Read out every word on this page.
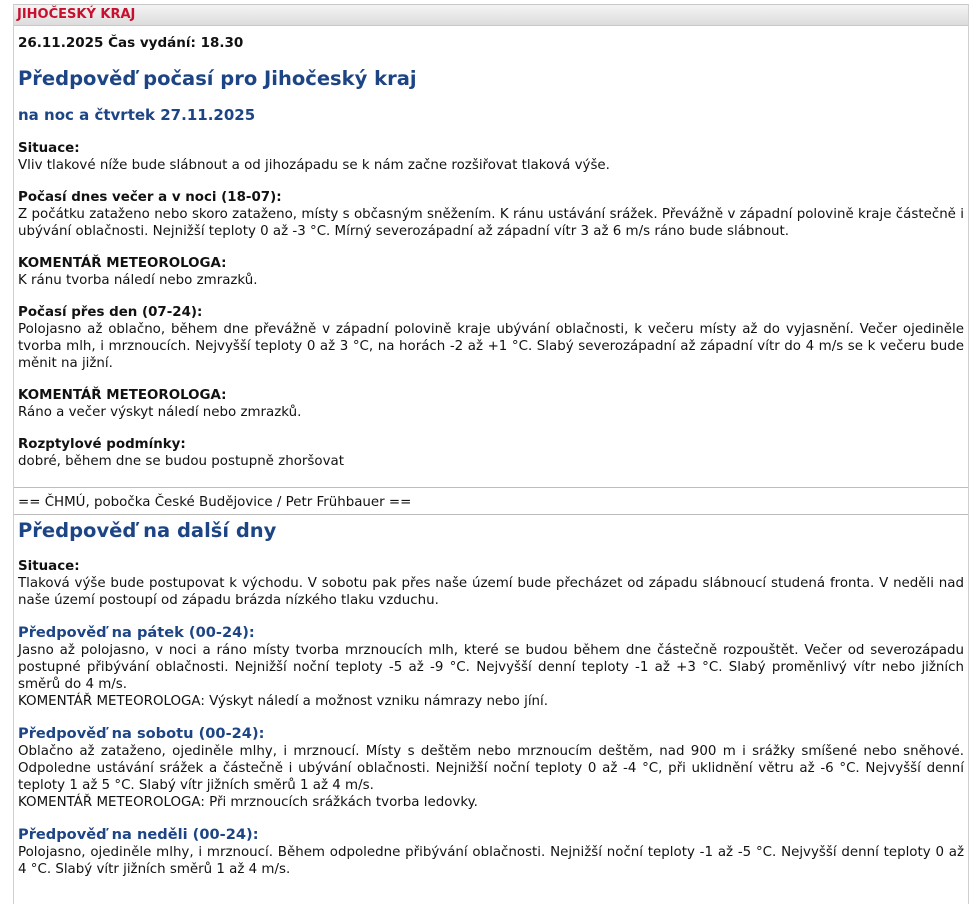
JIHOČESKÝ KRAJ
26.11.2025 Čas vydání: 18.30
Předpověď počasí pro Jihočeský kraj
na noc a čtvrtek 27.11.2025
Situace:
Vliv tlakové níže bude slábnout a od jihozápadu se k nám začne rozšiřovat tlaková výše.
Počasí dnes večer a v noci (18-07):
Z počátku zataženo nebo skoro zataženo, místy s občasným sněžením. K ránu ustávání srážek. Převážně v západní polovině kraje částečně i ubývání oblačnosti. Nejnižší teploty 0 až -3 °C. Mírný severozápadní až západní vítr 3 až 6 m/s ráno bude slábnout.
KOMENTÁŘ METEOROLOGA:
K ránu tvorba náledí nebo zmrazků.
Počasí přes den (07-24):
Polojasno až oblačno, během dne převážně v západní polovině kraje ubývání oblačnosti, k večeru místy až do vyjasnění. Večer ojediněle tvorba mlh, i mrznoucích. Nejvyšší teploty 0 až 3 °C, na horách -2 až +1 °C. Slabý severozápadní až západní vítr do 4 m/s se k večeru bude měnit na jižní.
KOMENTÁŘ METEOROLOGA:
Ráno a večer výskyt náledí nebo zmrazků.
Rozptylové podmínky:
dobré, během dne se budou postupně zhoršovat
== ČHMÚ, pobočka České Budějovice / Petr Frühbauer ==
Předpověď na další dny
Situace:
Tlaková výše bude postupovat k východu. V sobotu pak přes naše území bude přecházet od západu slábnoucí studená fronta. V neděli nad naše území postoupí od západu brázda nízkého tlaku vzduchu.
Předpověď na pátek (00-24):
Jasno až polojasno, v noci a ráno místy tvorba mrznoucích mlh, které se budou během dne částečně rozpouštět. Večer od severozápadu postupné přibývání oblačnosti. Nejnižší noční teploty -5 až -9 °C. Nejvyšší denní teploty -1 až +3 °C. Slabý proměnlivý vítr nebo jižních směrů do 4 m/s.
KOMENTÁŘ METEOROLOGA: Výskyt náledí a možnost vzniku námrazy nebo jíní.
Předpověď na sobotu (00-24):
Oblačno až zataženo, ojediněle mlhy, i mrznoucí. Místy s deštěm nebo mrznoucím deštěm, nad 900 m i srážky smíšené nebo sněhové. Odpoledne ustávání srážek a částečně i ubývání oblačnosti. Nejnižší noční teploty 0 až -4 °C, při uklidnění větru až -6 °C. Nejvyšší denní teploty 1 až 5 °C. Slabý vítr jižních směrů 1 až 4 m/s.
KOMENTÁŘ METEOROLOGA: Při mrznoucích srážkách tvorba ledovky.
Předpověď na neděli (00-24):
Polojasno, ojediněle mlhy, i mrznoucí. Během odpoledne přibývání oblačnosti. Nejnižší noční teploty -1 až -5 °C. Nejvyšší denní teploty 0 až 4 °C. Slabý vítr jižních směrů 1 až 4 m/s.
